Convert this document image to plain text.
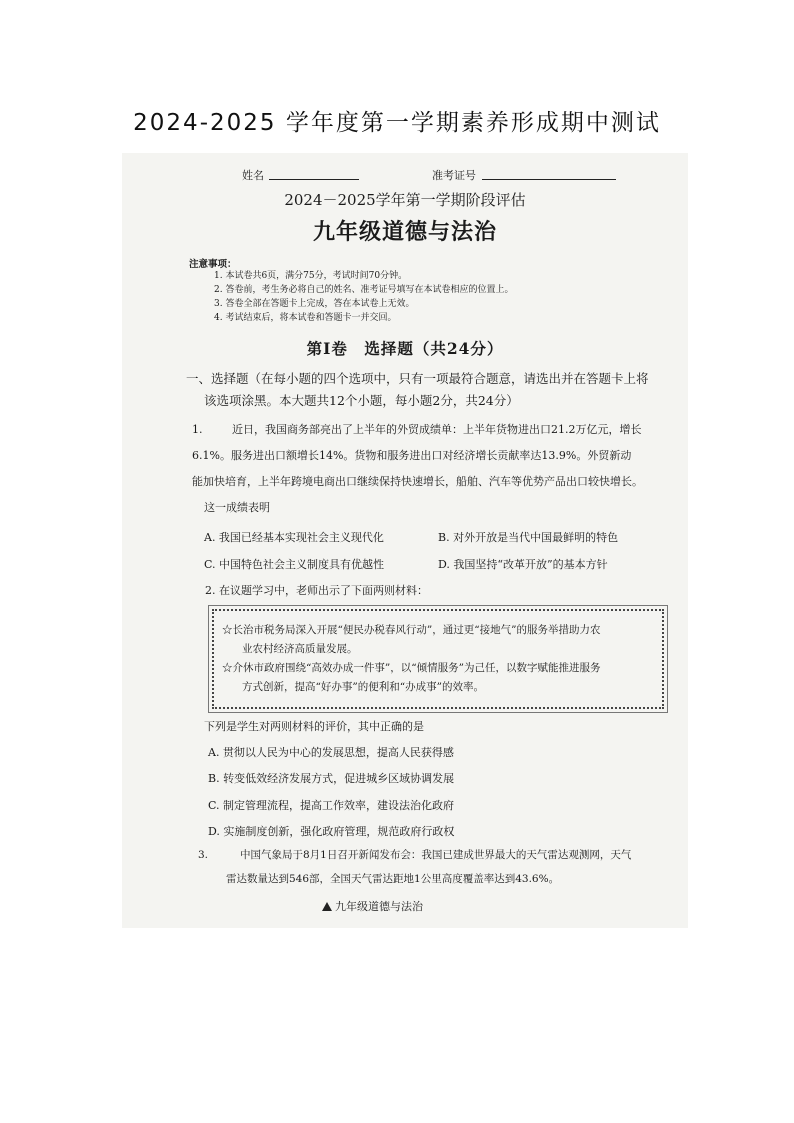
2024-2025 学年度第一学期素养形成期中测试
姓名	准考证号
2024－2025学年第一学期阶段评估
九年级道德与法治
注意事项：
1. 本试卷共6页，满分75分，考试时间70分钟。
2. 答卷前，考生务必将自己的姓名、准考证号填写在本试卷相应的位置上。
3. 答卷全部在答题卡上完成，答在本试卷上无效。
4. 考试结束后，将本试卷和答题卡一并交回。
第Ⅰ卷　选择题（共24分）
一、选择题（在每小题的四个选项中，只有一项最符合题意，请选出并在答题卡上将
该选项涂黑。本大题共12个小题，每小题2分，共24分）
1.	近日，我国商务部亮出了上半年的外贸成绩单：上半年货物进出口21.2万亿元，增长
6.1%。服务进出口额增长14%。货物和服务进出口对经济增长贡献率达13.9%。外贸新动
能加快培育，上半年跨境电商出口继续保持快速增长，船舶、汽车等优势产品出口较快增长。
这一成绩表明
A. 我国已经基本实现社会主义现代化	B. 对外开放是当代中国最鲜明的特色
C. 中国特色社会主义制度具有优越性	D. 我国坚持“改革开放”的基本方针
2. 在议题学习中，老师出示了下面两则材料：
☆长治市税务局深入开展“便民办税春风行动”，通过更“接地气”的服务举措助力农
业农村经济高质量发展。
☆介休市政府围绕“高效办成一件事”，以“倾情服务”为己任，以数字赋能推进服务
方式创新，提高“好办事”的便利和“办成事”的效率。
下列是学生对两则材料的评价，其中正确的是
A. 贯彻以人民为中心的发展思想，提高人民获得感
B. 转变低效经济发展方式，促进城乡区域协调发展
C. 制定管理流程，提高工作效率，建设法治化政府
D. 实施制度创新，强化政府管理，规范政府行政权
3.	中国气象局于8月1日召开新闻发布会：我国已建成世界最大的天气雷达观测网，天气
雷达数量达到546部，全国天气雷达距地1公里高度覆盖率达到43.6%。
九年级道德与法治
